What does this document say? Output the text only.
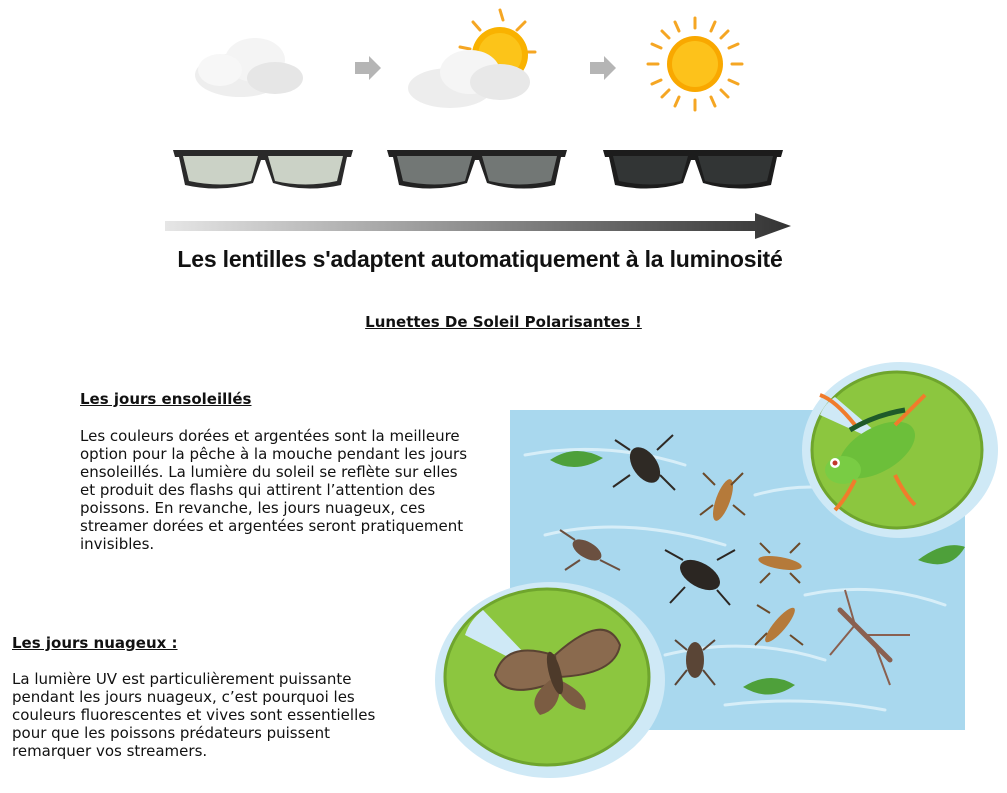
Les lentilles s'adaptent automatiquement à la luminosité
Lunettes De Soleil Polarisantes !
Les jours ensoleillés
Les couleurs dorées et argentées sont la meilleure option pour la pêche à la mouche pendant les jours ensoleillés. La lumière du soleil se reflète sur elles et produit des flashs qui attirent l’attention des poissons. En revanche, les jours nuageux, ces streamer dorées et argentées seront pratiquement invisibles.
Les jours nuageux :
La lumière UV est particulièrement puissante pendant les jours nuageux, c’est pourquoi les couleurs fluorescentes et vives sont essentielles pour que les poissons prédateurs puissent remarquer vos streamers.
